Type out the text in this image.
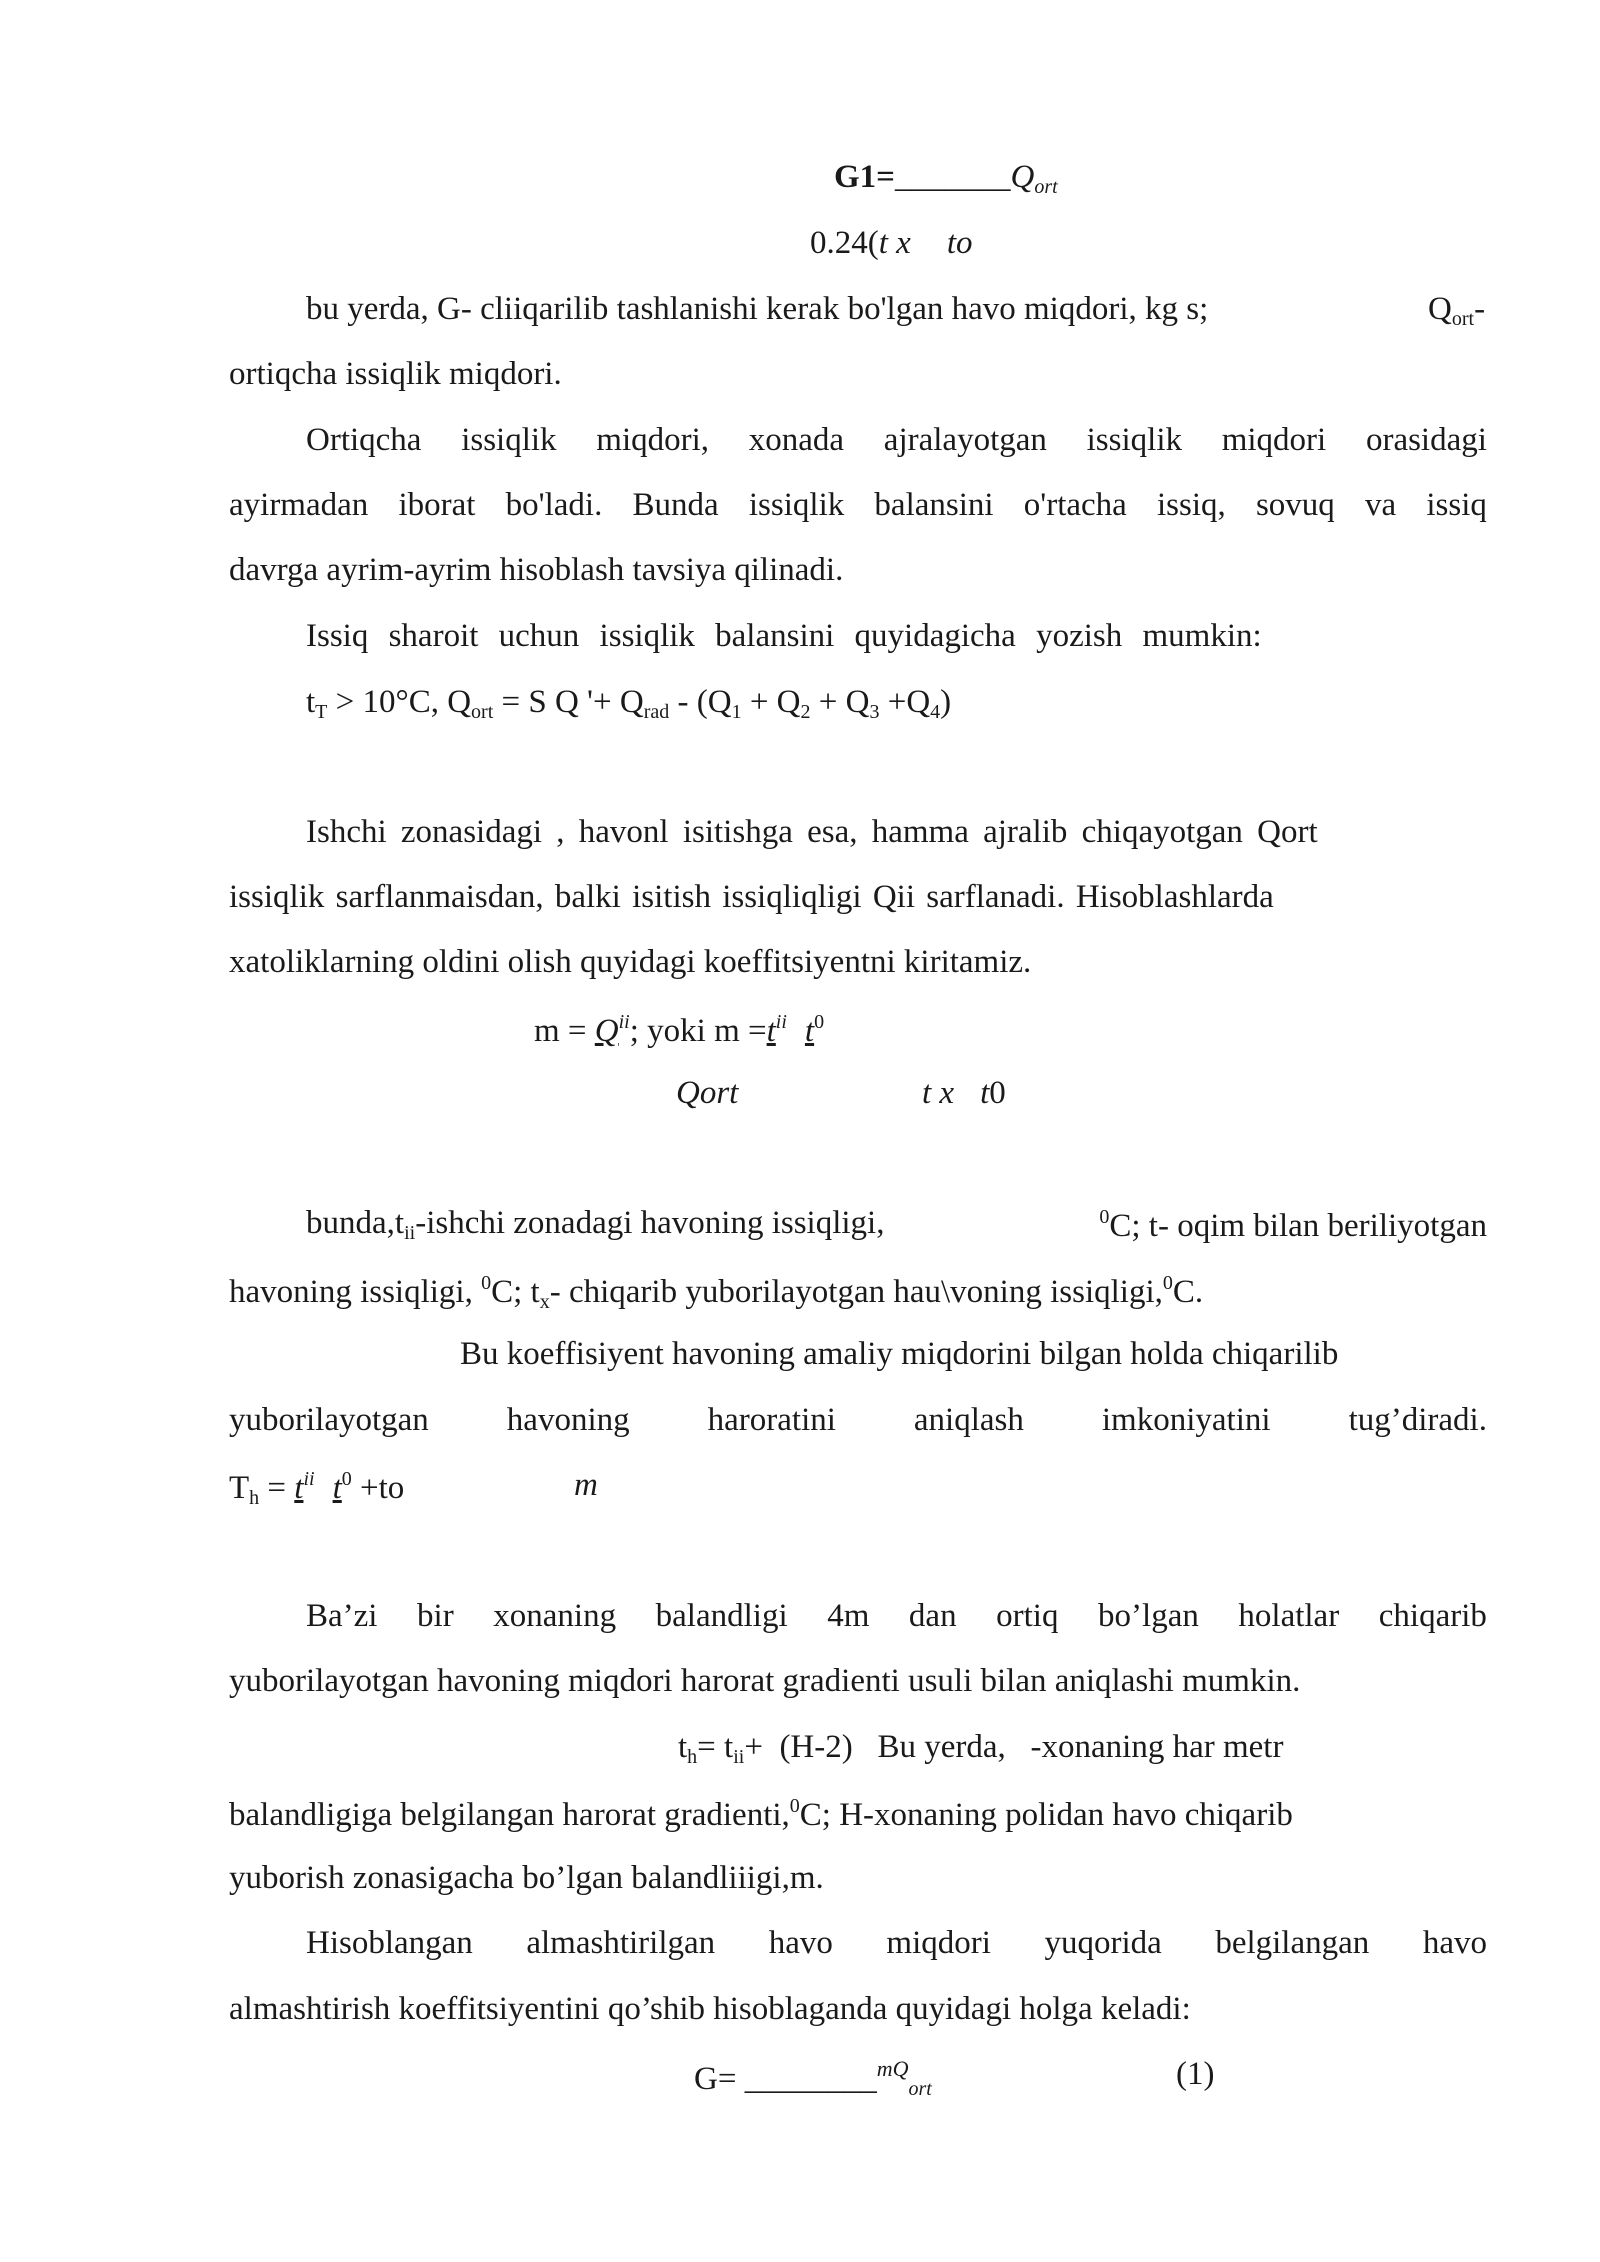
$G1=\_\_\_\_\_\_\_Q_{ort}$
0.24(t x to
bu yerda, G- cliiqarilib tashlanishi kerak bo'lgan havo miqdori, kg s;	$Q_{ort}-$
ortiqcha issiqlik miqdori.
Ortiqcha issiqlik miqdori, xonada ajralayotgan issiqlik miqdori orasidagi
ayirmadan iborat bo'ladi. Bunda issiqlik balansini o'rtacha issiq, sovuq va issiq
davrga ayrim-ayrim hisoblash tavsiya qilinadi.
Issiq sharoit uchun issiqlik balansini quyidagicha yozish mumkin:
$t_T > 10^\circ C$, $Q_{ort} = S$ Q '+ $Q_{rad} - (Q_1 + Q_2 + Q_3 +Q_4)$
Ishchi zonasidagi , havonl isitishga esa, hamma ajralib chiqayotgan Qort
issiqlik sarflanmaisdan, balki isitish issiqliqligi Qii sarflanadi. Hisoblashlarda
xatoliklarning oldini olish quyidagi koeffitsiyentni kiritamiz.
$m = Q^{ii}$; yoki $m =t^{ii}$ $t^0$
Qort	t x t0
$bunda,t_{ii}$-ishchi zonadagi havoning issiqligi,	$^0$C; t- oqim bilan beriliyotgan
havoning issiqligi, $^0$C; $t_x-$ chiqarib yuborilayotgan hau\voning issiqligi,$^0$C.
Bu koeffisiyent havoning amaliy miqdorini bilgan holda chiqarilib
yuborilayotgan havoning haroratini aniqlash imkoniyatini tug’diradi.
$T_h = t^{ii}$ $t^0 +to$	m
Ba’zi bir xonaning balandligi 4m dan ortiq bo’lgan holatlar chiqarib
yuborilayotgan havoning miqdori harorat gradienti usuli bilan aniqlashi mumkin.
$t_h= t_{ii}+ (H-2)$   Bu yerda,   -xonaning har metr
balandligiga belgilangan harorat gradienti,$^0$C; H-xonaning polidan havo chiqarib
yuborish zonasigacha bo’lgan balandliiigi,m.
Hisoblangan almashtirilgan havo miqdori yuqorida belgilangan havo
almashtirish koeffitsiyentini qo’shib hisoblaganda quyidagi holga keladi:
G= ________$^{mQ}_{ort}$	(1)
